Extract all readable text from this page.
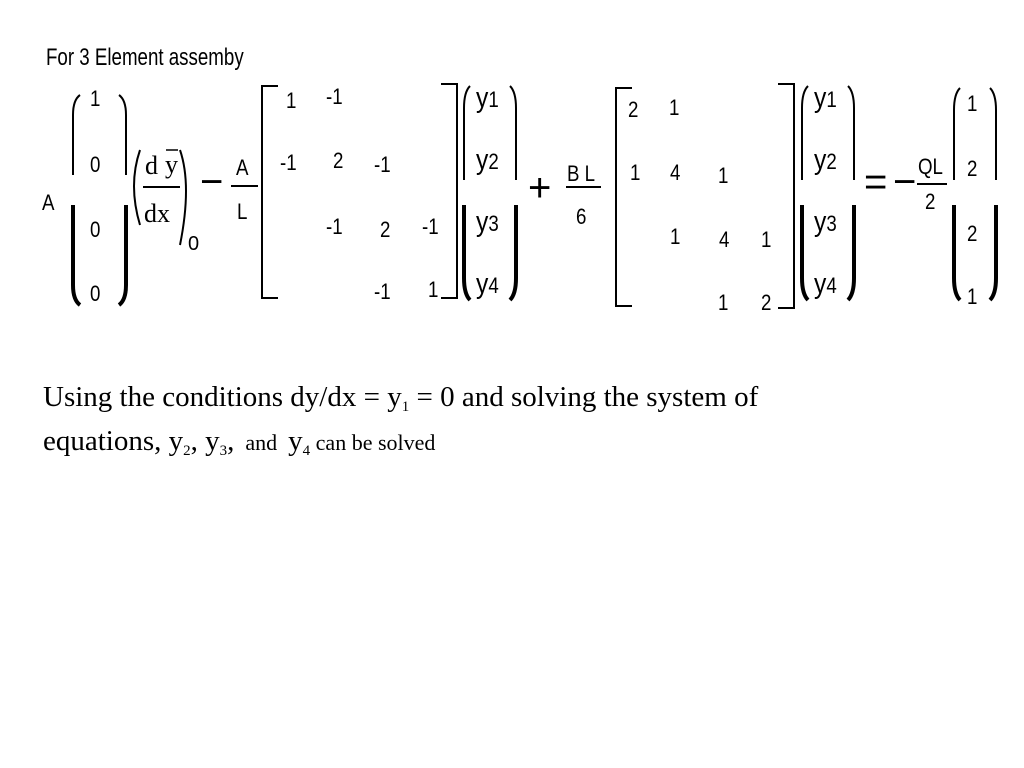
For 3 Element assemby
A
1
0
0
0
d y
dx
0
− A
L
1 -1
-1 2 -1
-1 2 -1
-1 1
y1
y2
y3
y4
+ B L
6
2 1
1 4 1
1 4 1
1 2
y1
y2
y3
y4
= − QL
2
1
2
2
1
Using the conditions dy/dx = y1 = 0 and solving the system of
equations, y2, y3, and y4 can be solved
